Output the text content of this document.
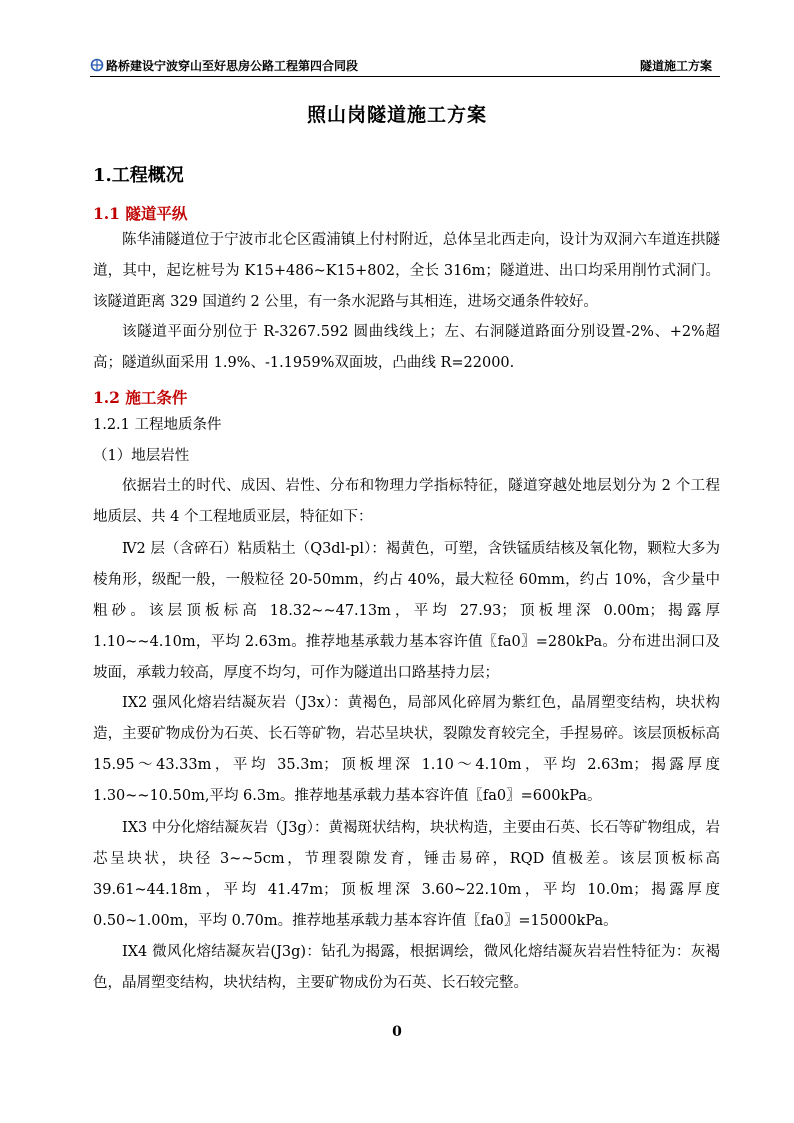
路桥建设宁波穿山至好思房公路工程第四合同段	隧道施工方案
照山岗隧道施工方案
1.工程概况
1.1 隧道平纵
陈华浦隧道位于宁波市北仑区霞浦镇上付村附近，总体呈北西走向，设计为双洞六车道连拱隧道，其中，起讫桩号为 K15+486~K15+802，全长 316m；隧道进、出口均采用削竹式洞门。该隧道距离 329 国道约 2 公里，有一条水泥路与其相连，进场交通条件较好。
该隧道平面分别位于 R-3267.592 圆曲线线上；左、右洞隧道路面分别设置-2%、+2%超高；隧道纵面采用 1.9%、-1.1959%双面坡，凸曲线 R=22000.
1.2 施工条件
1.2.1 工程地质条件
（1）地层岩性
依据岩土的时代、成因、岩性、分布和物理力学指标特征，隧道穿越处地层划分为 2 个工程地质层、共 4 个工程地质亚层，特征如下：
Ⅳ2 层（含碎石）粘质粘土（Q3dl-pl）：褐黄色，可塑，含铁锰质结核及氧化物，颗粒大多为棱角形，级配一般，一般粒径 20-50mm，约占 40%，最大粒径 60mm，约占 10%，含少量中粗砂。该层顶板标高 18.32~~47.13m，平均 27.93；顶板埋深 0.00m；揭露厚 1.10~~4.10m，平均 2.63m。推荐地基承载力基本容许值〖fa0〗=280kPa。分布进出洞口及坡面，承载力较高，厚度不均匀，可作为隧道出口路基持力层；
IX2 强风化熔岩结凝灰岩（J3x）：黄褐色，局部风化碎屑为紫红色，晶屑塑变结构，块状构造，主要矿物成份为石英、长石等矿物，岩芯呈块状，裂隙发育较完全，手捏易碎。该层顶板标高 15.95～43.33m，平均 35.3m；顶板埋深 1.10～4.10m，平均 2.63m；揭露厚度 1.30~~10.50m,平均 6.3m。推荐地基承载力基本容许值〖fa0〗=600kPa。
IX3 中分化熔结凝灰岩（J3g）：黄褐斑状结构，块状构造，主要由石英、长石等矿物组成，岩芯呈块状，块径 3~~5cm，节理裂隙发育，锤击易碎，RQD 值极差。该层顶板标高 39.61~44.18m，平均 41.47m；顶板埋深 3.60~22.10m，平均 10.0m；揭露厚度 0.50~1.00m，平均 0.70m。推荐地基承载力基本容许值〖fa0〗=15000kPa。
IX4 微风化熔结凝灰岩(J3g)：钻孔为揭露，根据调绘，微风化熔结凝灰岩岩性特征为：灰褐色，晶屑塑变结构，块状结构，主要矿物成份为石英、长石较完整。
0
